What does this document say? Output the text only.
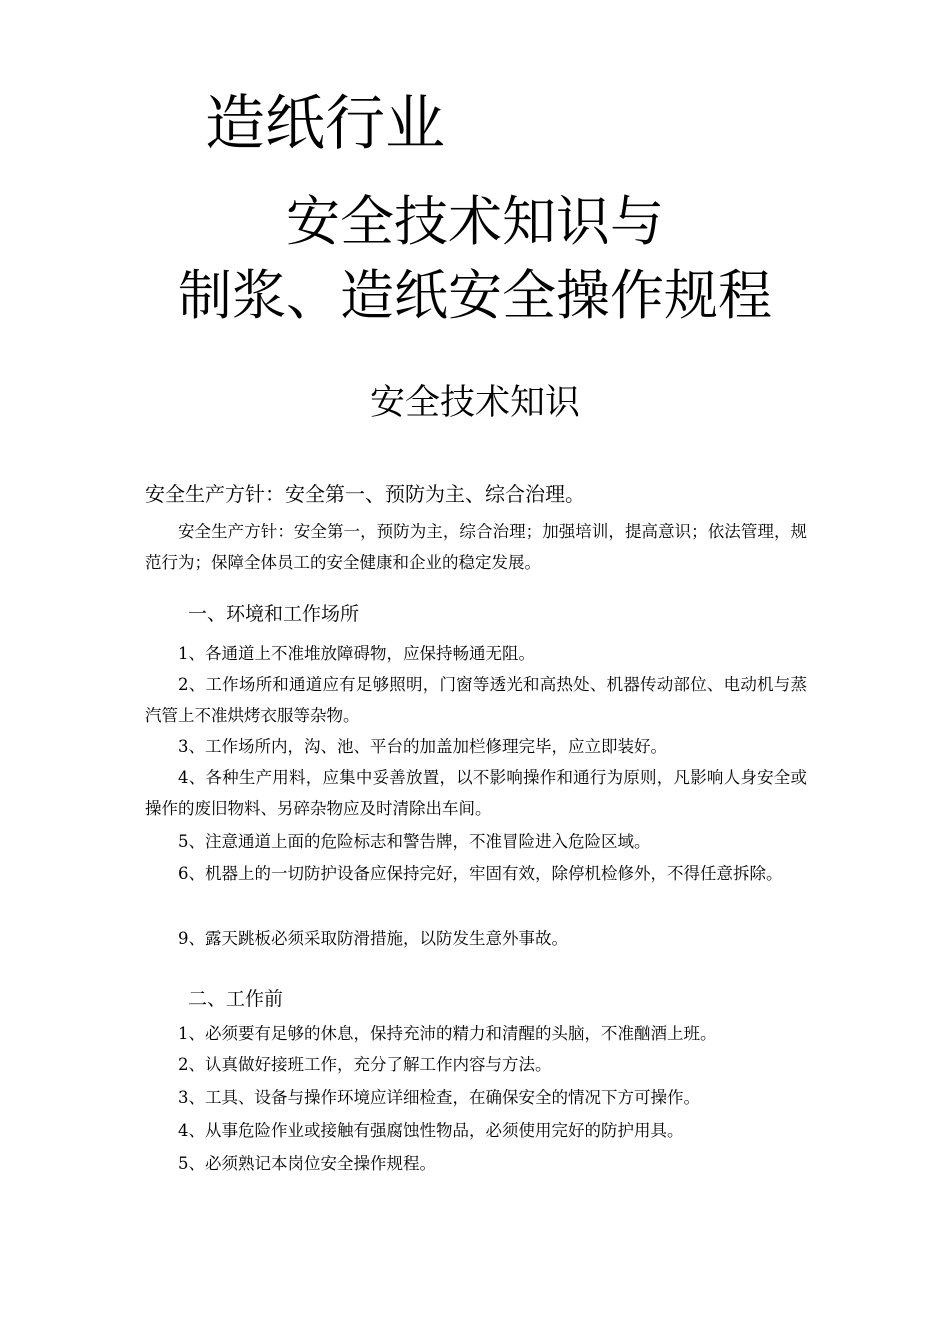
造纸行业
安全技术知识与
制浆、造纸安全操作规程
安全技术知识
安全生产方针：安全第一、预防为主、综合治理。
安全生产方针：安全第一，预防为主，综合治理；加强培训，提高意识；依法管理，规范行为；保障全体员工的安全健康和企业的稳定发展。
一、环境和工作场所
1、各通道上不准堆放障碍物，应保持畅通无阻。
2、工作场所和通道应有足够照明，门窗等透光和高热处、机器传动部位、电动机与蒸汽管上不准烘烤衣服等杂物。
3、工作场所内，沟、池、平台的加盖加栏修理完毕，应立即装好。
4、各种生产用料，应集中妥善放置，以不影响操作和通行为原则，凡影响人身安全或操作的废旧物料、另碎杂物应及时清除出车间。
5、注意通道上面的危险标志和警告牌，不准冒险进入危险区域。
6、机器上的一切防护设备应保持完好，牢固有效，除停机检修外，不得任意拆除。
9、露天跳板必须采取防滑措施，以防发生意外事故。
二、工作前
1、必须要有足够的休息，保持充沛的精力和清醒的头脑，不准酗酒上班。
2、认真做好接班工作，充分了解工作内容与方法。
3、工具、设备与操作环境应详细检查，在确保安全的情况下方可操作。
4、从事危险作业或接触有强腐蚀性物品，必须使用完好的防护用具。
5、必须熟记本岗位安全操作规程。
